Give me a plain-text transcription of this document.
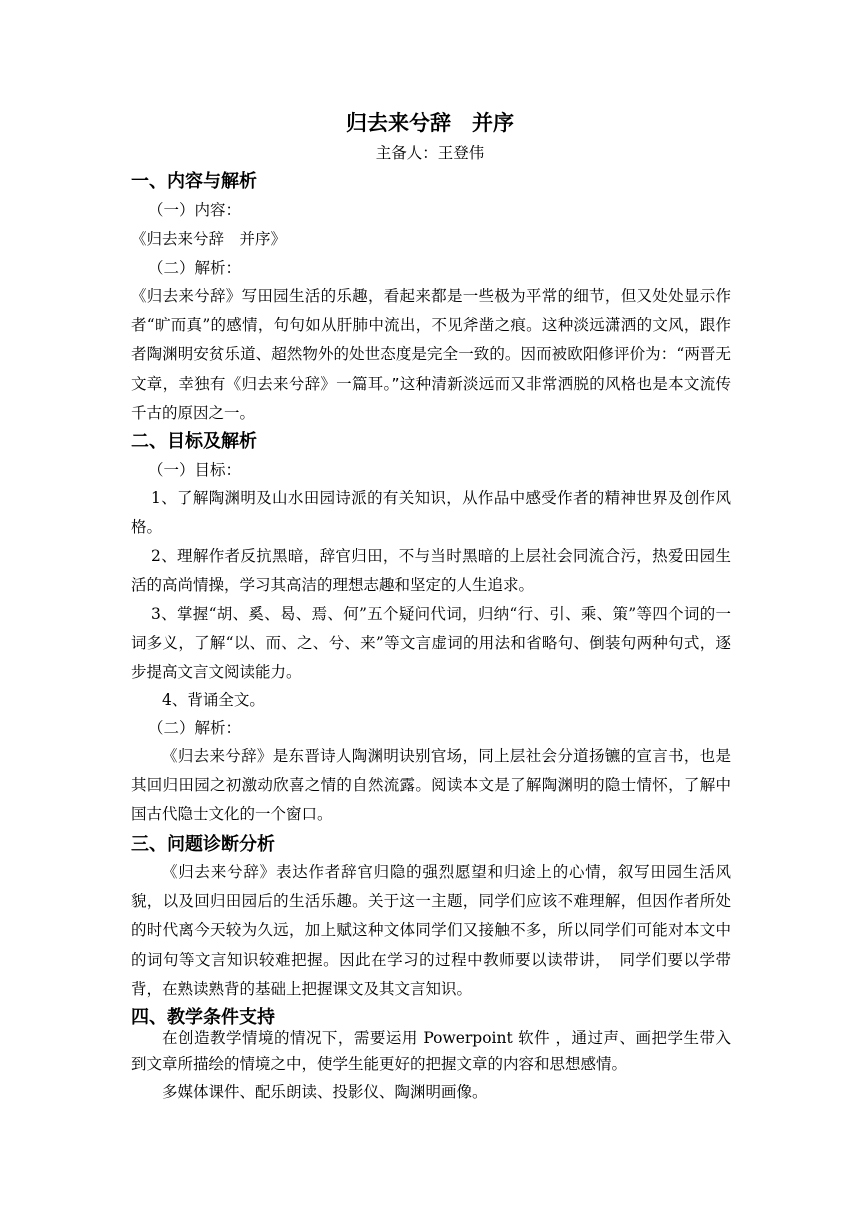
归去来兮辞　并序

主备人：王登伟

一、内容与解析

（一）内容：

《归去来兮辞　并序》

（二）解析：

《归去来兮辞》写田园生活的乐趣，看起来都是一些极为平常的细节，但又处处显示作者“旷而真”的感情，句句如从肝肺中流出，不见斧凿之痕。这种淡远潇洒的文风，跟作者陶渊明安贫乐道、超然物外的处世态度是完全一致的。因而被欧阳修评价为：“两晋无文章，幸独有《归去来兮辞》一篇耳。”这种清新淡远而又非常洒脱的风格也是本文流传千古的原因之一。

二、目标及解析

（一）目标：

1、了解陶渊明及山水田园诗派的有关知识，从作品中感受作者的精神世界及创作风格。
2、理解作者反抗黑暗，辞官归田，不与当时黑暗的上层社会同流合污，热爱田园生活的高尚情操，学习其高洁的理想志趣和坚定的人生追求。
3、掌握“胡、奚、曷、焉、何”五个疑问代词，归纳“行、引、乘、策”等四个词的一词多义，了解“以、而、之、兮、来”等文言虚词的用法和省略句、倒装句两种句式，逐步提高文言文阅读能力。

4、背诵全文。

（二）解析：

《归去来兮辞》是东晋诗人陶渊明诀别官场，同上层社会分道扬镳的宣言书，也是其回归田园之初激动欣喜之情的自然流露。阅读本文是了解陶渊明的隐士情怀，了解中国古代隐士文化的一个窗口。

三、问题诊断分析

《归去来兮辞》表达作者辞官归隐的强烈愿望和归途上的心情，叙写田园生活风貌，以及回归田园后的生活乐趣。关于这一主题，同学们应该不难理解，但因作者所处的时代离今天较为久远，加上赋这种文体同学们又接触不多，所以同学们可能对本文中的词句等文言知识较难把握。因此在学习的过程中教师要以读带讲，　同学们要以学带背，在熟读熟背的基础上把握课文及其文言知识。

四、教学条件支持

在创造教学情境的情况下，需要运用 Powerpoint 软件 ，通过声、画把学生带入到文章所描绘的情境之中，使学生能更好的把握文章的内容和思想感情。

多媒体课件、配乐朗读、投影仪、陶渊明画像。
